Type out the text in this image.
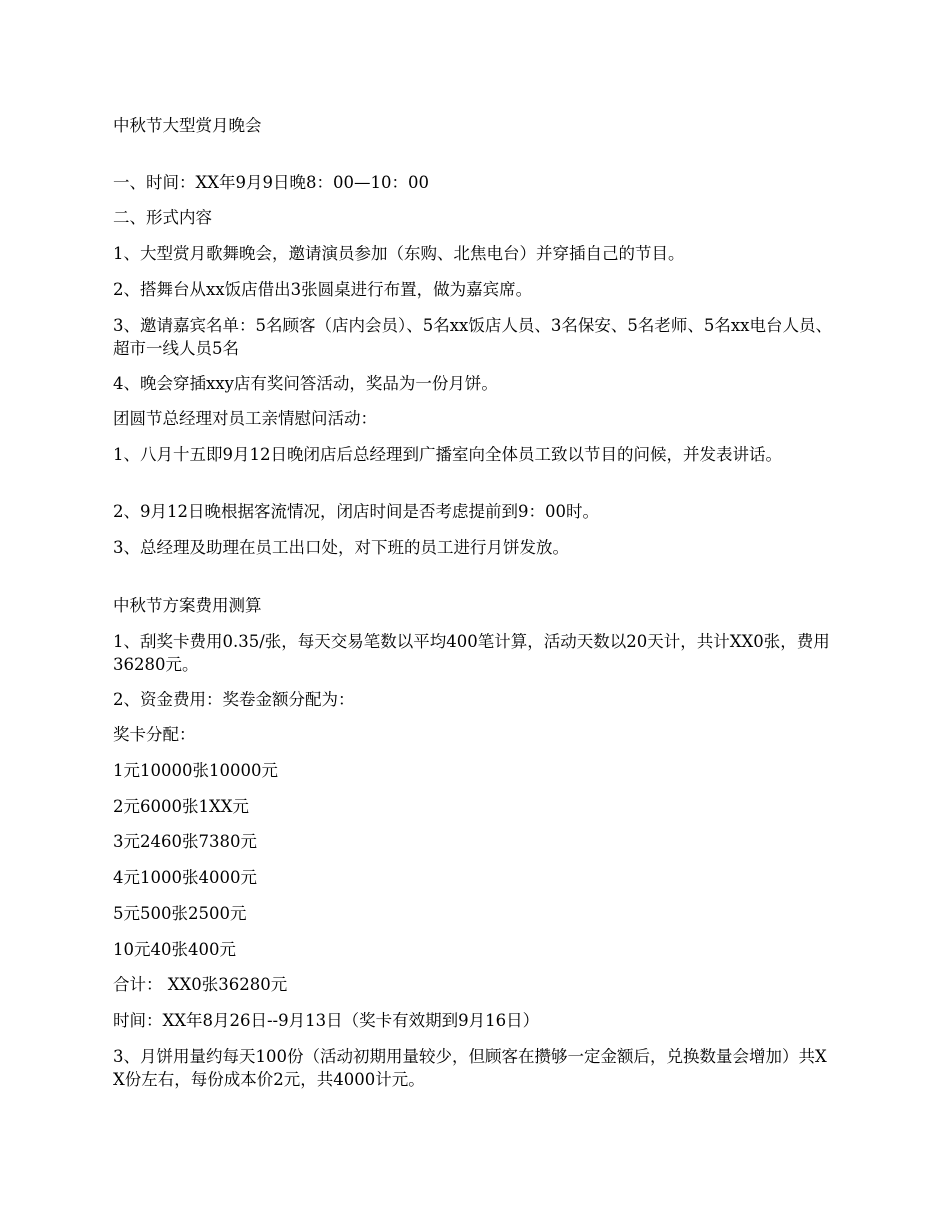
中秋节大型赏月晚会

一、时间：XX年9月9日晚8：00—10：00

二、形式内容

1、大型赏月歌舞晚会，邀请演员参加（东购、北焦电台）并穿插自己的节目。

2、搭舞台从xx饭店借出3张圆桌进行布置，做为嘉宾席。

3、邀请嘉宾名单：5名顾客（店内会员）、5名xx饭店人员、3名保安、5名老师、5名xx电台人员、超市一线人员5名

4、晚会穿插xxy店有奖问答活动，奖品为一份月饼。

团圆节总经理对员工亲情慰问活动：

1、八月十五即9月12日晚闭店后总经理到广播室向全体员工致以节目的问候，并发表讲话。

2、9月12日晚根据客流情况，闭店时间是否考虑提前到9：00时。

3、总经理及助理在员工出口处，对下班的员工进行月饼发放。

中秋节方案费用测算

1、刮奖卡费用0.35/张，每天交易笔数以平均400笔计算，活动天数以20天计，共计XX0张，费用36280元。

2、资金费用：奖卷金额分配为：

奖卡分配：

1元10000张10000元

2元6000张1XX元

3元2460张7380元

4元1000张4000元

5元500张2500元

10元40张400元

合计： XX0张36280元

时间：XX年8月26日--9月13日（奖卡有效期到9月16日）

3、月饼用量约每天100份（活动初期用量较少，但顾客在攒够一定金额后，兑换数量会增加）共XX份左右，每份成本价2元，共4000计元。
